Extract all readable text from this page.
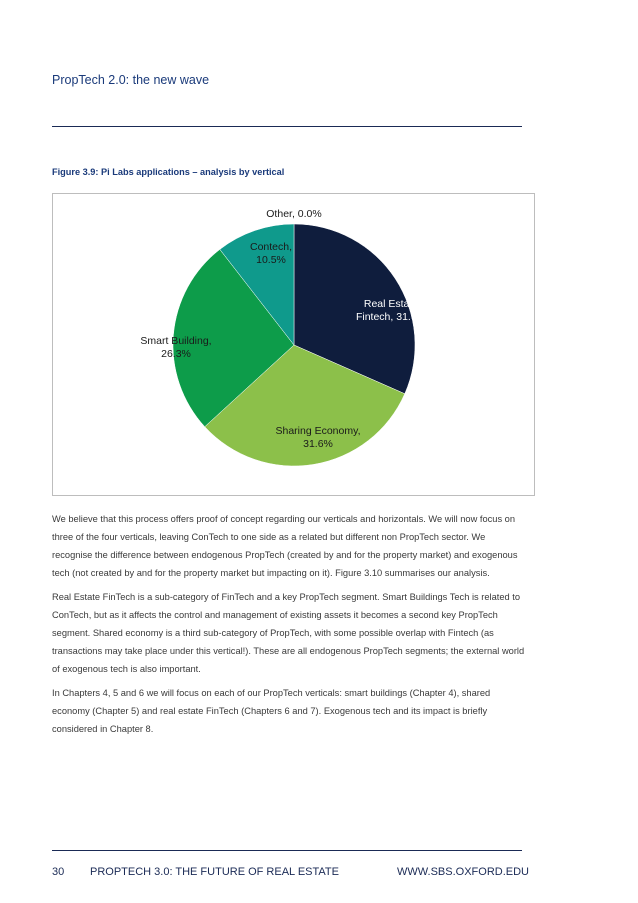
PropTech 2.0: the new wave
Figure 3.9: Pi Labs applications – analysis by vertical
Real Estate Fintech, 31.6%
Sharing Economy, 31.6%
Smart Building, 26.3%
Contech, 10.5%
Other, 0.0%

We believe that this process offers proof of concept regarding our verticals and horizontals. We will now focus on three of the four verticals, leaving ConTech to one side as a related but different non PropTech sector. We recognise the difference between endogenous PropTech (created by and for the property market) and exogenous tech (not created by and for the property market but impacting on it). Figure 3.10 summarises our analysis.

Real Estate FinTech is a sub-category of FinTech and a key PropTech segment. Smart Buildings Tech is related to ConTech, but as it affects the control and management of existing assets it becomes a second key PropTech segment. Shared economy is a third sub-category of PropTech, with some possible overlap with Fintech (as transactions may take place under this vertical!). These are all endogenous PropTech segments; the external world of exogenous tech is also important.

In Chapters 4, 5 and 6 we will focus on each of our PropTech verticals: smart buildings (Chapter 4), shared economy (Chapter 5) and real estate FinTech (Chapters 6 and 7). Exogenous tech and its impact is briefly considered in Chapter 8.

30 PROPTECH 3.0: THE FUTURE OF REAL ESTATE	WWW.SBS.OXFORD.EDU
